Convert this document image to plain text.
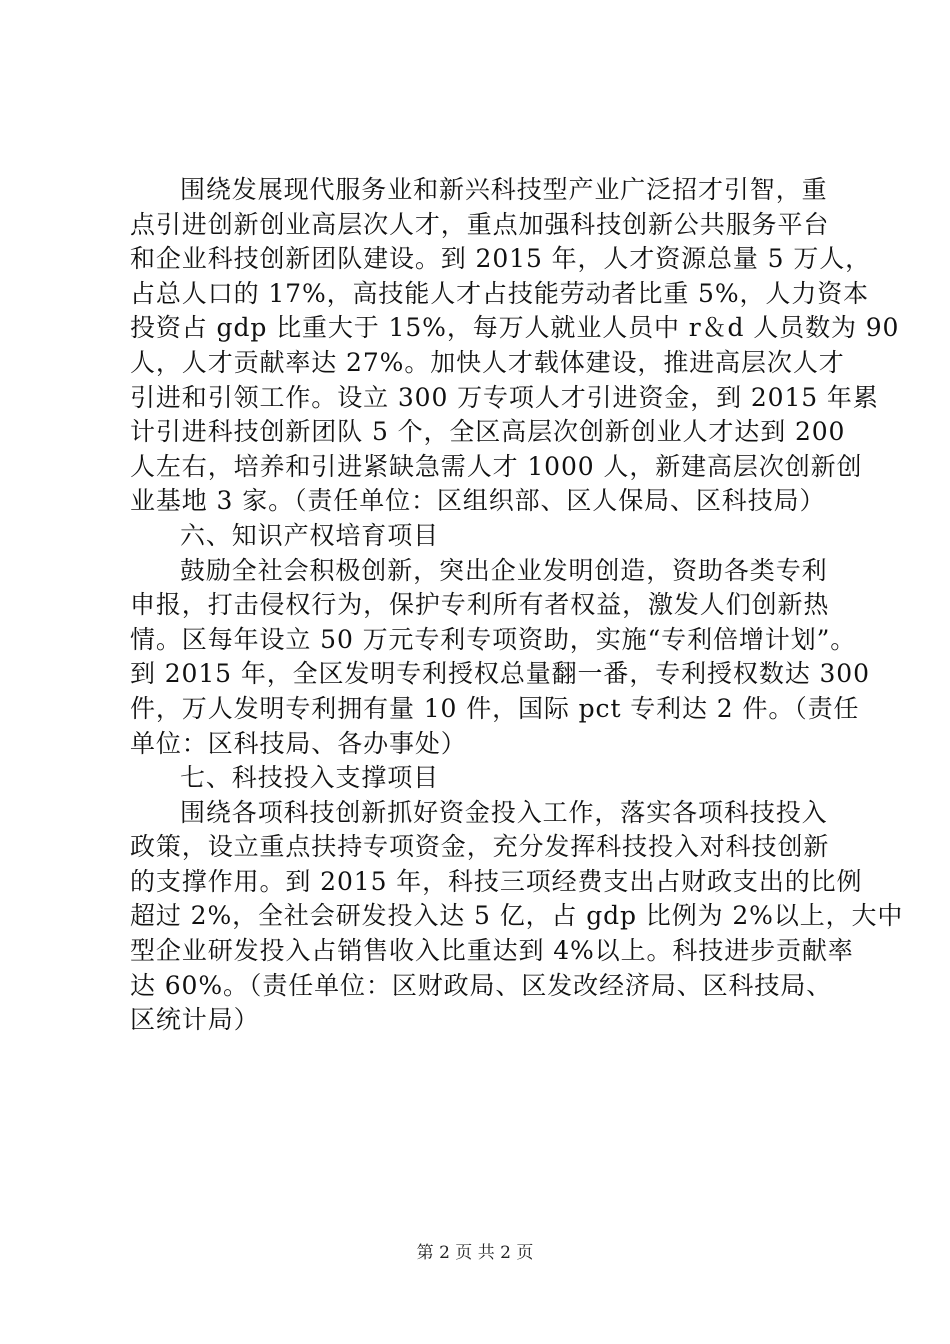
围绕发展现代服务业和新兴科技型产业广泛招才引智，重
点引进创新创业高层次人才，重点加强科技创新公共服务平台
和企业科技创新团队建设。到 2015 年，人才资源总量 5 万人，
占总人口的 17%，高技能人才占技能劳动者比重 5%，人力资本
投资占 gdp 比重大于 15%，每万人就业人员中 r＆d 人员数为 90
人，人才贡献率达 27%。加快人才载体建设，推进高层次人才
引进和引领工作。设立 300 万专项人才引进资金，到 2015 年累
计引进科技创新团队 5 个，全区高层次创新创业人才达到 200
人左右，培养和引进紧缺急需人才 1000 人，新建高层次创新创
业基地 3 家。（责任单位：区组织部、区人保局、区科技局）
六、知识产权培育项目
鼓励全社会积极创新，突出企业发明创造，资助各类专利
申报，打击侵权行为，保护专利所有者权益，激发人们创新热
情。区每年设立 50 万元专利专项资助，实施“专利倍增计划”。
到 2015 年，全区发明专利授权总量翻一番，专利授权数达 300
件，万人发明专利拥有量 10 件，国际 pct 专利达 2 件。（责任
单位：区科技局、各办事处）
七、科技投入支撑项目
围绕各项科技创新抓好资金投入工作，落实各项科技投入
政策，设立重点扶持专项资金，充分发挥科技投入对科技创新
的支撑作用。到 2015 年，科技三项经费支出占财政支出的比例
超过 2%，全社会研发投入达 5 亿，占 gdp 比例为 2%以上，大中
型企业研发投入占销售收入比重达到 4%以上。科技进步贡献率
达 60%。（责任单位：区财政局、区发改经济局、区科技局、
区统计局）
第 2 页 共 2 页
